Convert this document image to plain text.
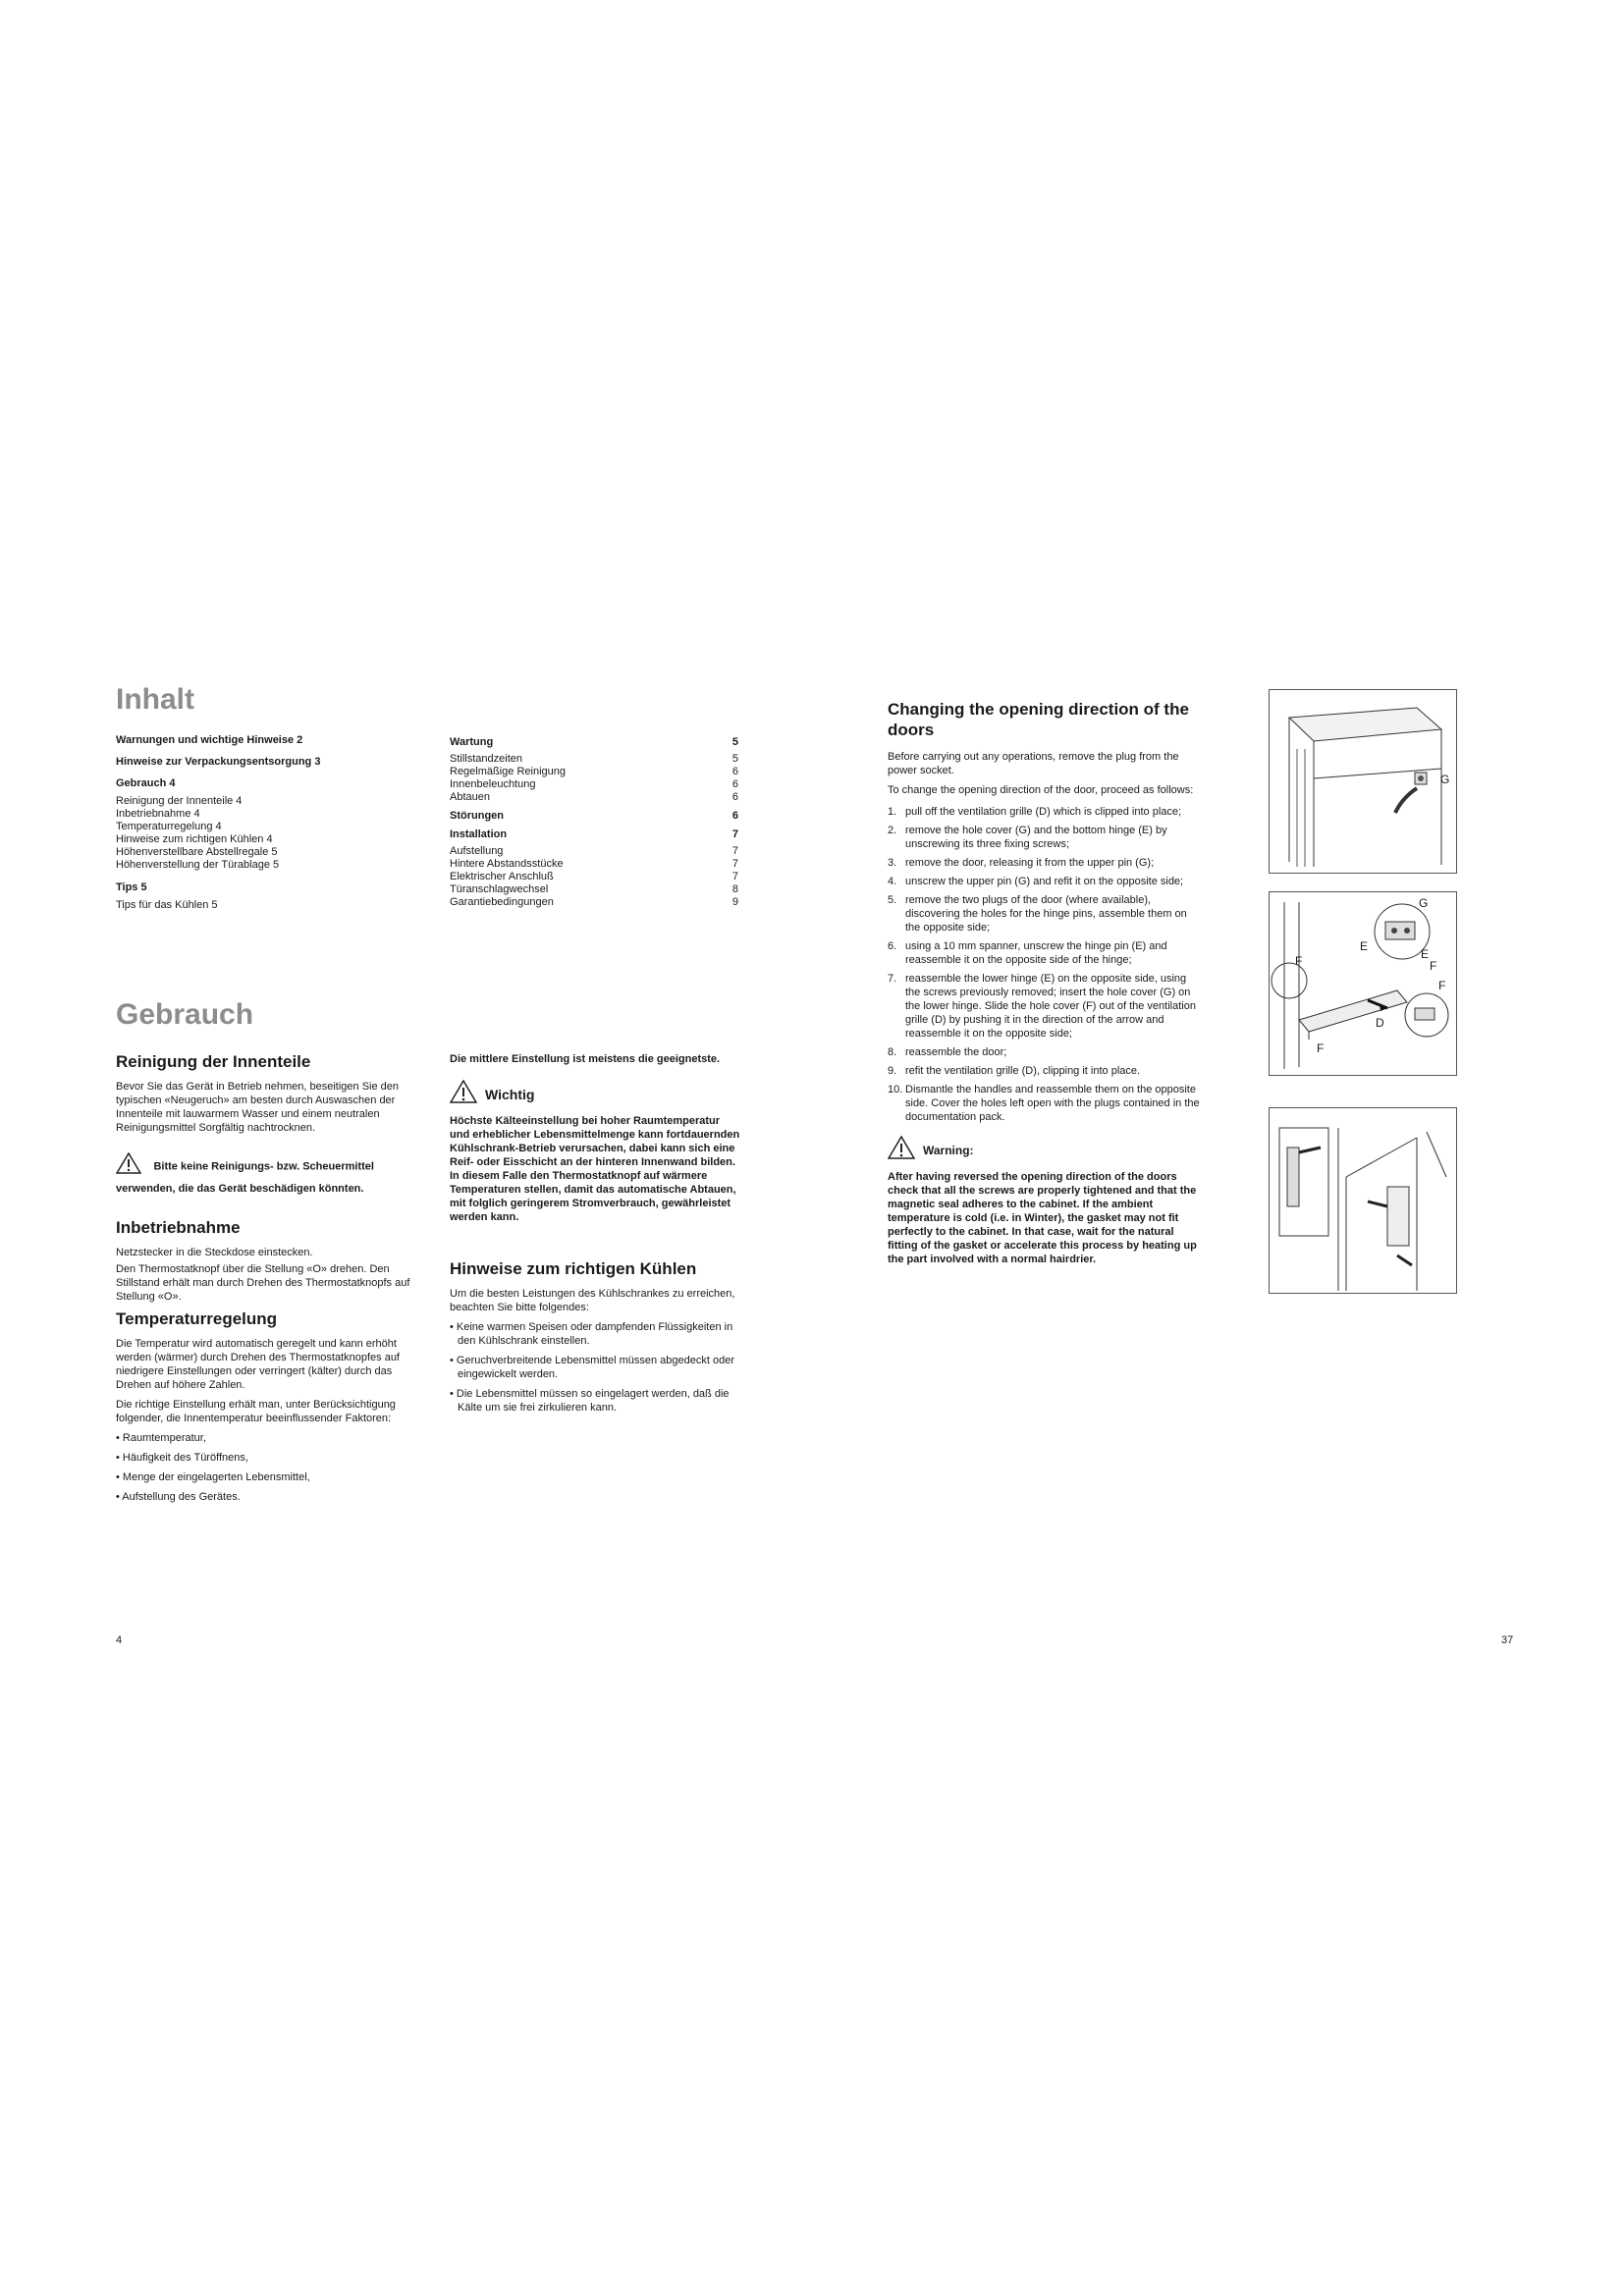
Inhalt
Warnungen und wichtige Hinweise 2
Hinweise zur Verpackungsentsorgung 3
Gebrauch 4
Reinigung der Innenteile 4
Inbetriebnahme 4
Temperaturregelung 4
Hinweise zum richtigen Kühlen 4
Höhenverstellbare Abstellregale 5
Höhenverstellung der Türablage 5
Tips 5
Tips für das Kühlen 5
Wartung	5
Stillstandzeiten	5
Regelmäßige Reinigung	6
Innenbeleuchtung	6
Abtauen	6
Störungen	6
Installation	7
Aufstellung	7
Hintere Abstandsstücke	7
Elektrischer Anschluß	7
Türanschlagwechsel	8
Garantiebedingungen	9
Gebrauch
Reinigung der Innenteile

Bevor Sie das Gerät in Betrieb nehmen, beseitigen Sie den typischen «Neugeruch» am besten durch Auswaschen der Innenteile mit lauwarmem Wasser und einem neutralen Reinigungsmittel Sorgfältig nachtrocknen.

Bitte keine Reinigungs- bzw. Scheuermittel verwenden, die das Gerät beschädigen könnten.

Inbetriebnahme

Netzstecker in die Steckdose einstecken.

Den Thermostatknopf über die Stellung «O» drehen. Den Stillstand erhält man durch Drehen des Thermostatknopfs auf Stellung «O».

Temperaturregelung

Die Temperatur wird automatisch geregelt und kann erhöht werden (wärmer) durch Drehen des Thermostatknopfes auf niedrigere Einstellungen oder verringert (kälter) durch das Drehen auf höhere Zahlen.

Die richtige Einstellung erhält man, unter Berücksichtigung folgender, die Innentemperatur beeinflussender Faktoren:

• Raumtemperatur,

• Häufigkeit des Türöffnens,

• Menge der eingelagerten Lebensmittel,

• Aufstellung des Gerätes.

Die mittlere Einstellung ist meistens die geeignetste.

Wichtig

Höchste Kälteeinstellung bei hoher Raumtemperatur und erheblicher Lebensmittelmenge kann fortdauernden Kühlschrank-Betrieb verursachen, dabei kann sich eine Reif- oder Eisschicht an der hinteren Innenwand bilden. In diesem Falle den Thermostatknopf auf wärmere Temperaturen stellen, damit das automatische Abtauen, mit folglich geringerem Stromverbrauch, gewährleistet werden kann.

Hinweise zum richtigen Kühlen

Um die besten Leistungen des Kühlschrankes zu erreichen, beachten Sie bitte folgendes:

• Keine warmen Speisen oder dampfenden Flüssigkeiten in den Kühlschrank einstellen.

• Geruchverbreitende Lebensmittel müssen abgedeckt oder eingewickelt werden.

• Die Lebensmittel müssen so eingelagert werden, daß die Kälte um sie frei zirkulieren kann.

4
Changing the opening direction of the doors

Before carrying out any operations, remove the plug from the power socket.

To change the opening direction of the door, proceed as follows:

1. pull off the ventilation grille (D) which is clipped into place;
2. remove the hole cover (G) and the bottom hinge (E) by unscrewing its three fixing screws;
3. remove the door, releasing it from the upper pin (G);
4. unscrew the upper pin (G) and refit it on the opposite side;
5. remove the two plugs of the door (where available), discovering the holes for the hinge pins, assemble them on the opposite side;
6. using a 10 mm spanner, unscrew the hinge pin (E) and reassemble it on the opposite side of the hinge;
7. reassemble the lower hinge (E) on the opposite side, using the screws previously removed; insert the hole cover (G) on the lower hinge. Slide the hole cover (F) out of the ventilation grille (D) by pushing it in the direction of the arrow and reassemble it on the opposite side;
8. reassemble the door;
9. refit the ventilation grille (D), clipping it into place.
10. Dismantle the handles and reassemble them on the opposite side. Cover the holes left open with the plugs contained in the documentation pack.
Warning:

After having reversed the opening direction of the doors check that all the screws are properly tightened and that the magnetic seal adheres to the cabinet. If the ambient temperature is cold (i.e. in Winter), the gasket may not fit perfectly to the cabinet. In that case, wait for the natural fitting of the gasket or accelerate this process by heating up the part involved with a normal hairdrier.

G
G
E
E
F	F
F
D
F
37
